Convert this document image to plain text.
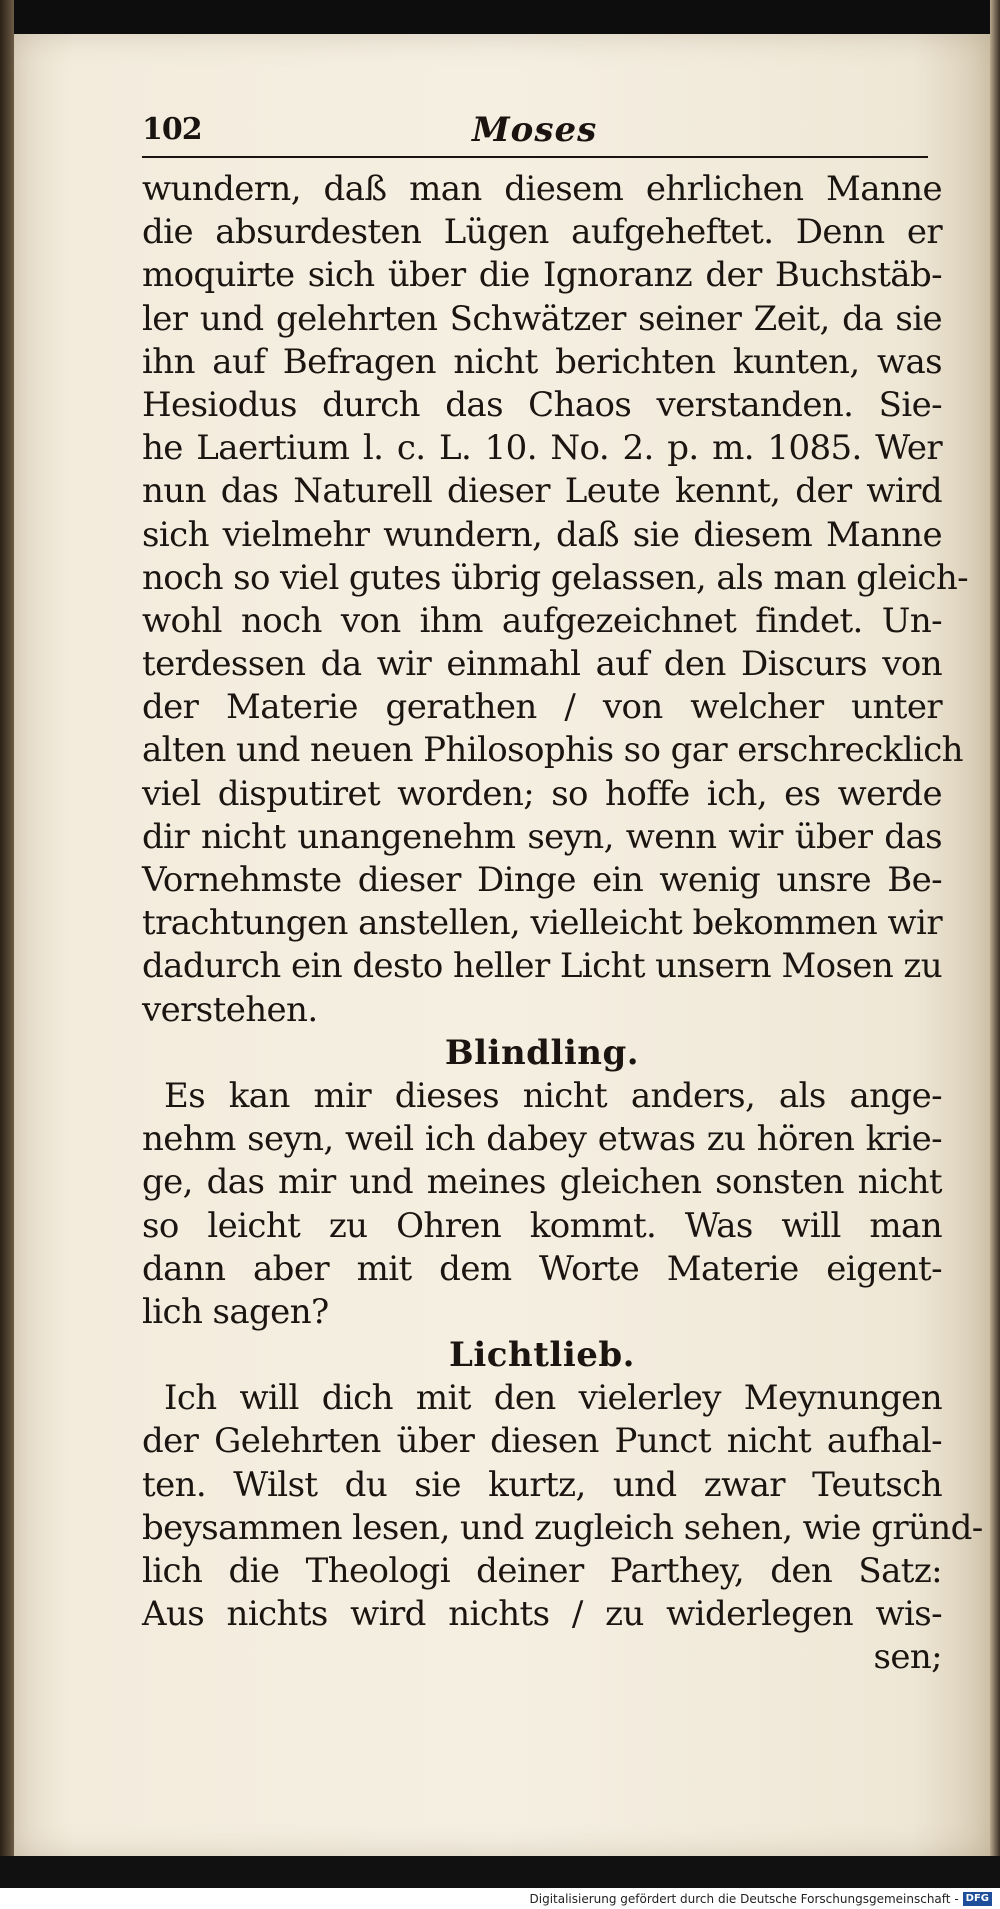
102	Moses
wundern, daß man diesem ehrlichen Manne
die absurdesten Lügen aufgeheftet. Denn er
moquirte sich über die Ignoranz der Buchstäb-
ler und gelehrten Schwätzer seiner Zeit, da sie
ihn auf Befragen nicht berichten kunten, was
Hesiodus durch das Chaos verstanden. Sie-
he Laertium l. c. L. 10. No. 2. p. m. 1085. Wer
nun das Naturell dieser Leute kennt, der wird
sich vielmehr wundern, daß sie diesem Manne
noch so viel gutes übrig gelassen, als man gleich-
wohl noch von ihm aufgezeichnet findet. Un-
terdessen da wir einmahl auf den Discurs von
der Materie gerathen / von welcher unter
alten und neuen Philosophis so gar erschrecklich
viel disputiret worden; so hoffe ich, es werde
dir nicht unangenehm seyn, wenn wir über das
Vornehmste dieser Dinge ein wenig unsre Be-
trachtungen anstellen, vielleicht bekommen wir
dadurch ein desto heller Licht unsern Mosen zu
verstehen.
Blindling.
Es kan mir dieses nicht anders, als ange-
nehm seyn, weil ich dabey etwas zu hören krie-
ge, das mir und meines gleichen sonsten nicht
so leicht zu Ohren kommt. Was will man
dann aber mit dem Worte Materie eigent-
lich sagen?
Lichtlieb.
Ich will dich mit den vielerley Meynungen
der Gelehrten über diesen Punct nicht aufhal-
ten. Wilst du sie kurtz, und zwar Teutsch
beysammen lesen, und zugleich sehen, wie gründ-
lich die Theologi deiner Parthey, den Satz:
Aus nichts wird nichts / zu widerlegen wis-
sen;
Digitalisierung gefördert durch die Deutsche Forschungsgemeinschaft - DFG
